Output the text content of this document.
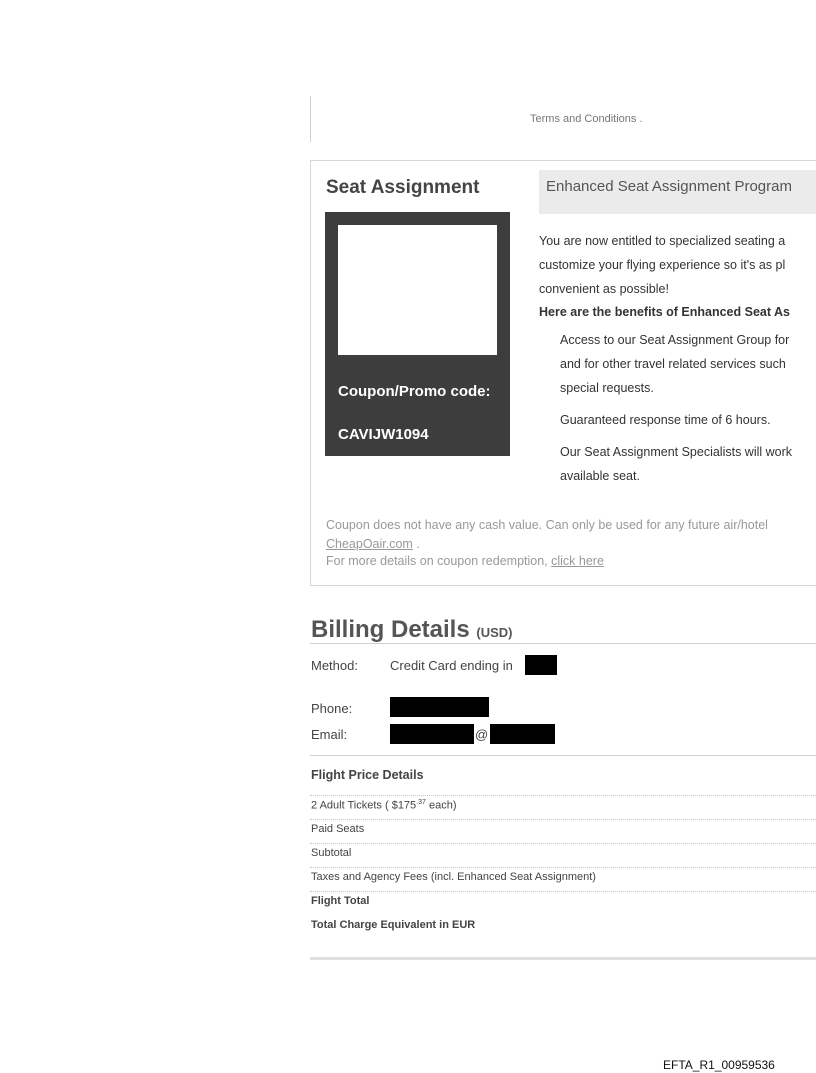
Terms and Conditions .
Seat Assignment
Coupon/Promo code:
CAVIJW1094
Enhanced Seat Assignment Program
You are now entitled to specialized seating a
customize your flying experience so it's as pl
convenient as possible!
Here are the benefits of Enhanced Seat As
Access to our Seat Assignment Group for
and for other travel related services such
special requests.
Guaranteed response time of 6 hours.
Our Seat Assignment Specialists will work
available seat.
Coupon does not have any cash value. Can only be used for any future air/hotel
CheapOair.com .
For more details on coupon redemption, click here
Billing Details (USD)
Method: Credit Card ending in
Phone:
Email:	@
Flight Price Details
2 Adult Tickets ( $\$175^{.37}$ each)
Paid Seats
Subtotal
Taxes and Agency Fees (incl. Enhanced Seat Assignment)
Flight Total
Total Charge Equivalent in EUR
EFTA_R1_00959536
